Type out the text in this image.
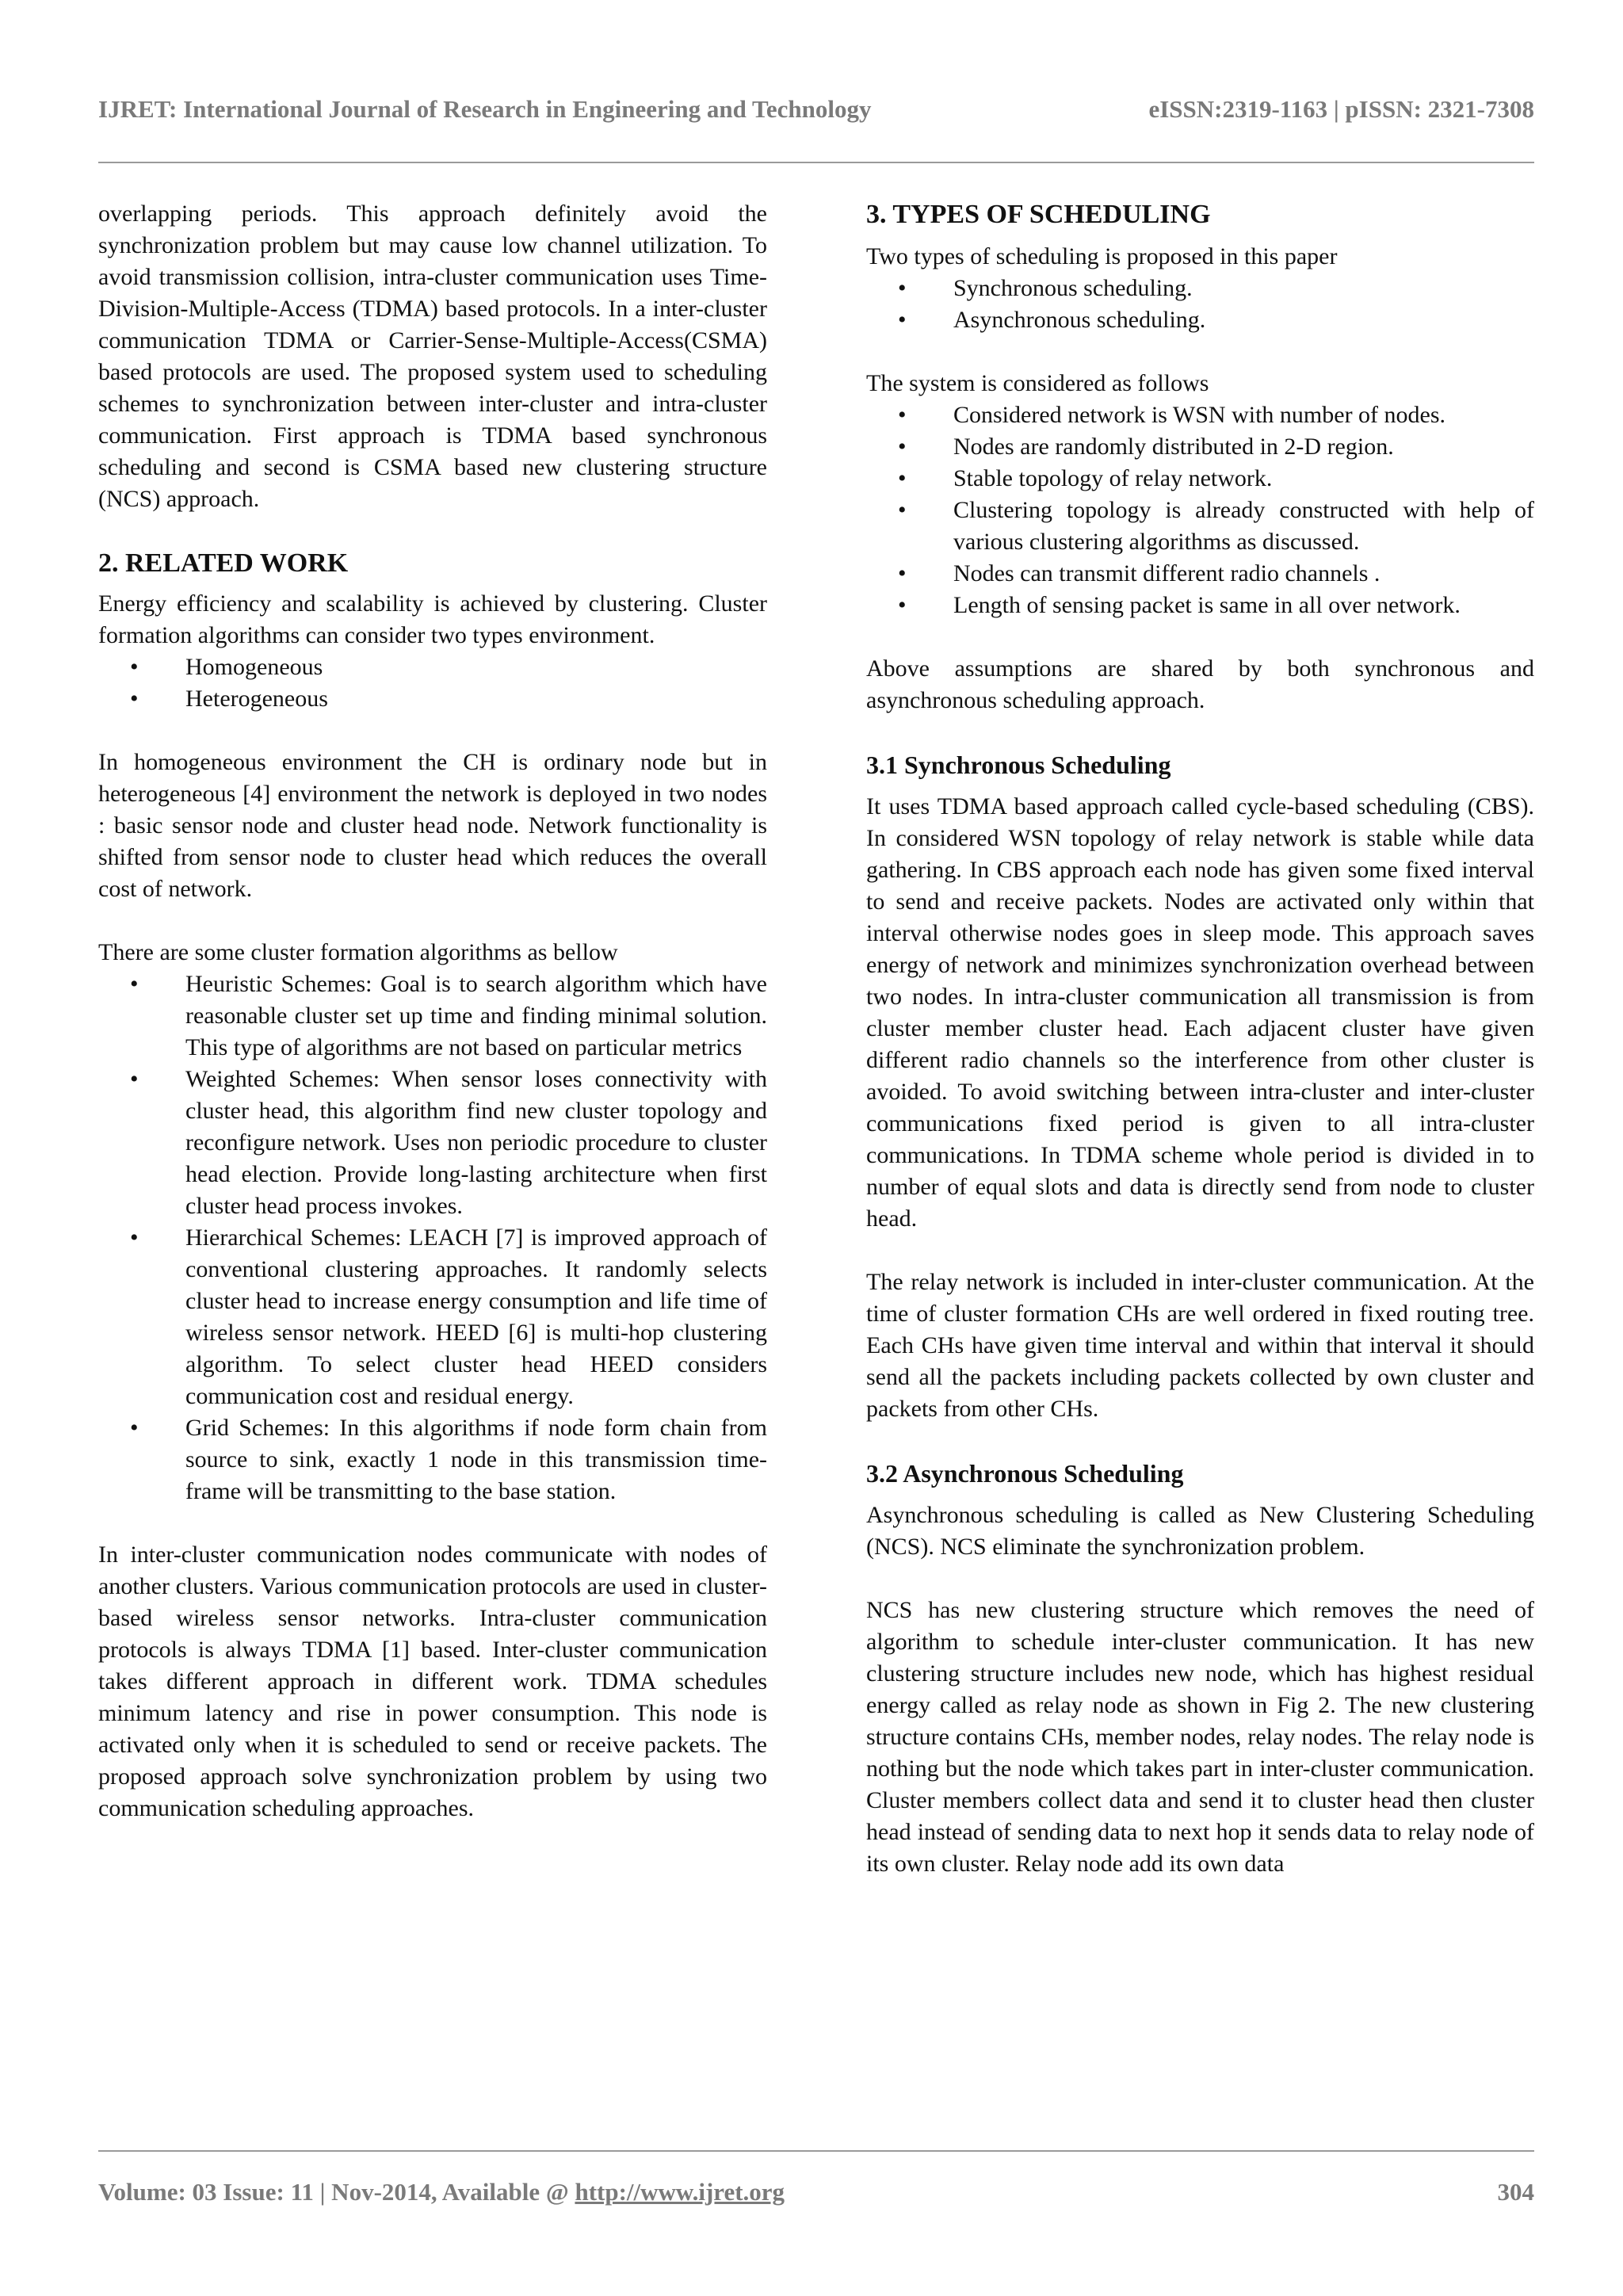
IJRET: International Journal of Research in Engineering and Technology	eISSN:2319-1163 | pISSN: 2321-7308

overlapping periods. This approach definitely avoid the synchronization problem but may cause low channel utilization. To avoid transmission collision, intra-cluster communication uses Time-Division-Multiple-Access (TDMA) based protocols. In a inter-cluster communication TDMA or Carrier-Sense-Multiple-Access(CSMA) based protocols are used. The proposed system used to scheduling schemes to synchronization between inter-cluster and intra-cluster communication. First approach is TDMA based synchronous scheduling and second is CSMA based new clustering structure (NCS) approach.

2. RELATED WORK

Energy efficiency and scalability is achieved by clustering. Cluster formation algorithms can consider two types environment.

• Homogeneous
• Heterogeneous

In homogeneous environment the CH is ordinary node but in heterogeneous [4] environment the network is deployed in two nodes : basic sensor node and cluster head node. Network functionality is shifted from sensor node to cluster head which reduces the overall cost of network.

There are some cluster formation algorithms as bellow

• Heuristic Schemes: Goal is to search algorithm which have reasonable cluster set up time and finding minimal solution. This type of algorithms are not based on particular metrics
• Weighted Schemes: When sensor loses connectivity with cluster head, this algorithm find new cluster topology and reconfigure network. Uses non periodic procedure to cluster head election. Provide long-lasting architecture when first cluster head process invokes.
• Hierarchical Schemes: LEACH [7] is improved approach of conventional clustering approaches. It randomly selects cluster head to increase energy consumption and life time of wireless sensor network. HEED [6] is multi-hop clustering algorithm. To select cluster head HEED considers communication cost and residual energy.
• Grid Schemes: In this algorithms if node form chain from source to sink, exactly 1 node in this transmission time-frame will be transmitting to the base station.

In inter-cluster communication nodes communicate with nodes of another clusters. Various communication protocols are used in cluster-based wireless sensor networks. Intra-cluster communication protocols is always TDMA [1] based. Inter-cluster communication takes different approach in different work. TDMA schedules minimum latency and rise in power consumption. This node is activated only when it is scheduled to send or receive packets. The proposed approach solve synchronization problem by using two communication scheduling approaches.

3. TYPES OF SCHEDULING

Two types of scheduling is proposed in this paper

• Synchronous scheduling.
• Asynchronous scheduling.

The system is considered as follows

• Considered network is WSN with number of nodes.
• Nodes are randomly distributed in 2-D region.
• Stable topology of relay network.
• Clustering topology is already constructed with help of various clustering algorithms as discussed.
• Nodes can transmit different radio channels .
• Length of sensing packet is same in all over network.

Above assumptions are shared by both synchronous and asynchronous scheduling approach.

3.1 Synchronous Scheduling

It uses TDMA based approach called cycle-based scheduling (CBS). In considered WSN topology of relay network is stable while data gathering. In CBS approach each node has given some fixed interval to send and receive packets. Nodes are activated only within that interval otherwise nodes goes in sleep mode. This approach saves energy of network and minimizes synchronization overhead between two nodes. In intra-cluster communication all transmission is from cluster member cluster head. Each adjacent cluster have given different radio channels so the interference from other cluster is avoided. To avoid switching between intra-cluster and inter-cluster communications fixed period is given to all intra-cluster communications. In TDMA scheme whole period is divided in to number of equal slots and data is directly send from node to cluster head.

The relay network is included in inter-cluster communication. At the time of cluster formation CHs are well ordered in fixed routing tree. Each CHs have given time interval and within that interval it should send all the packets including packets collected by own cluster and packets from other CHs.

3.2 Asynchronous Scheduling

Asynchronous scheduling is called as New Clustering Scheduling (NCS). NCS eliminate the synchronization problem.

NCS has new clustering structure which removes the need of algorithm to schedule inter-cluster communication. It has new clustering structure includes new node, which has highest residual energy called as relay node as shown in Fig 2. The new clustering structure contains CHs, member nodes, relay nodes. The relay node is nothing but the node which takes part in inter-cluster communication. Cluster members collect data and send it to cluster head then cluster head instead of sending data to next hop it sends data to relay node of its own cluster. Relay node add its own data

Volume: 03 Issue: 11 | Nov-2014, Available @ http://www.ijret.org	304
